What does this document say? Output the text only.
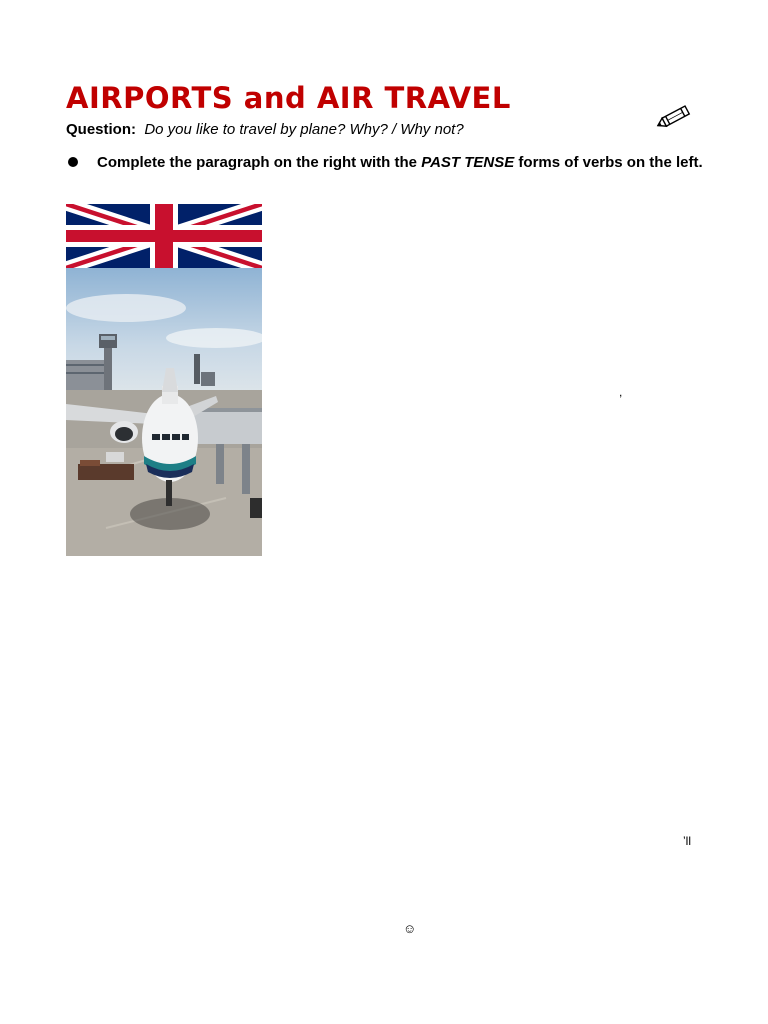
AIRPORTS and AIR TRAVEL
Question: Do you like to travel by plane? Why? / Why not?
Complete the paragraph on the right with the PAST TENSE forms of verbs on the left.
,
’ll
☺
